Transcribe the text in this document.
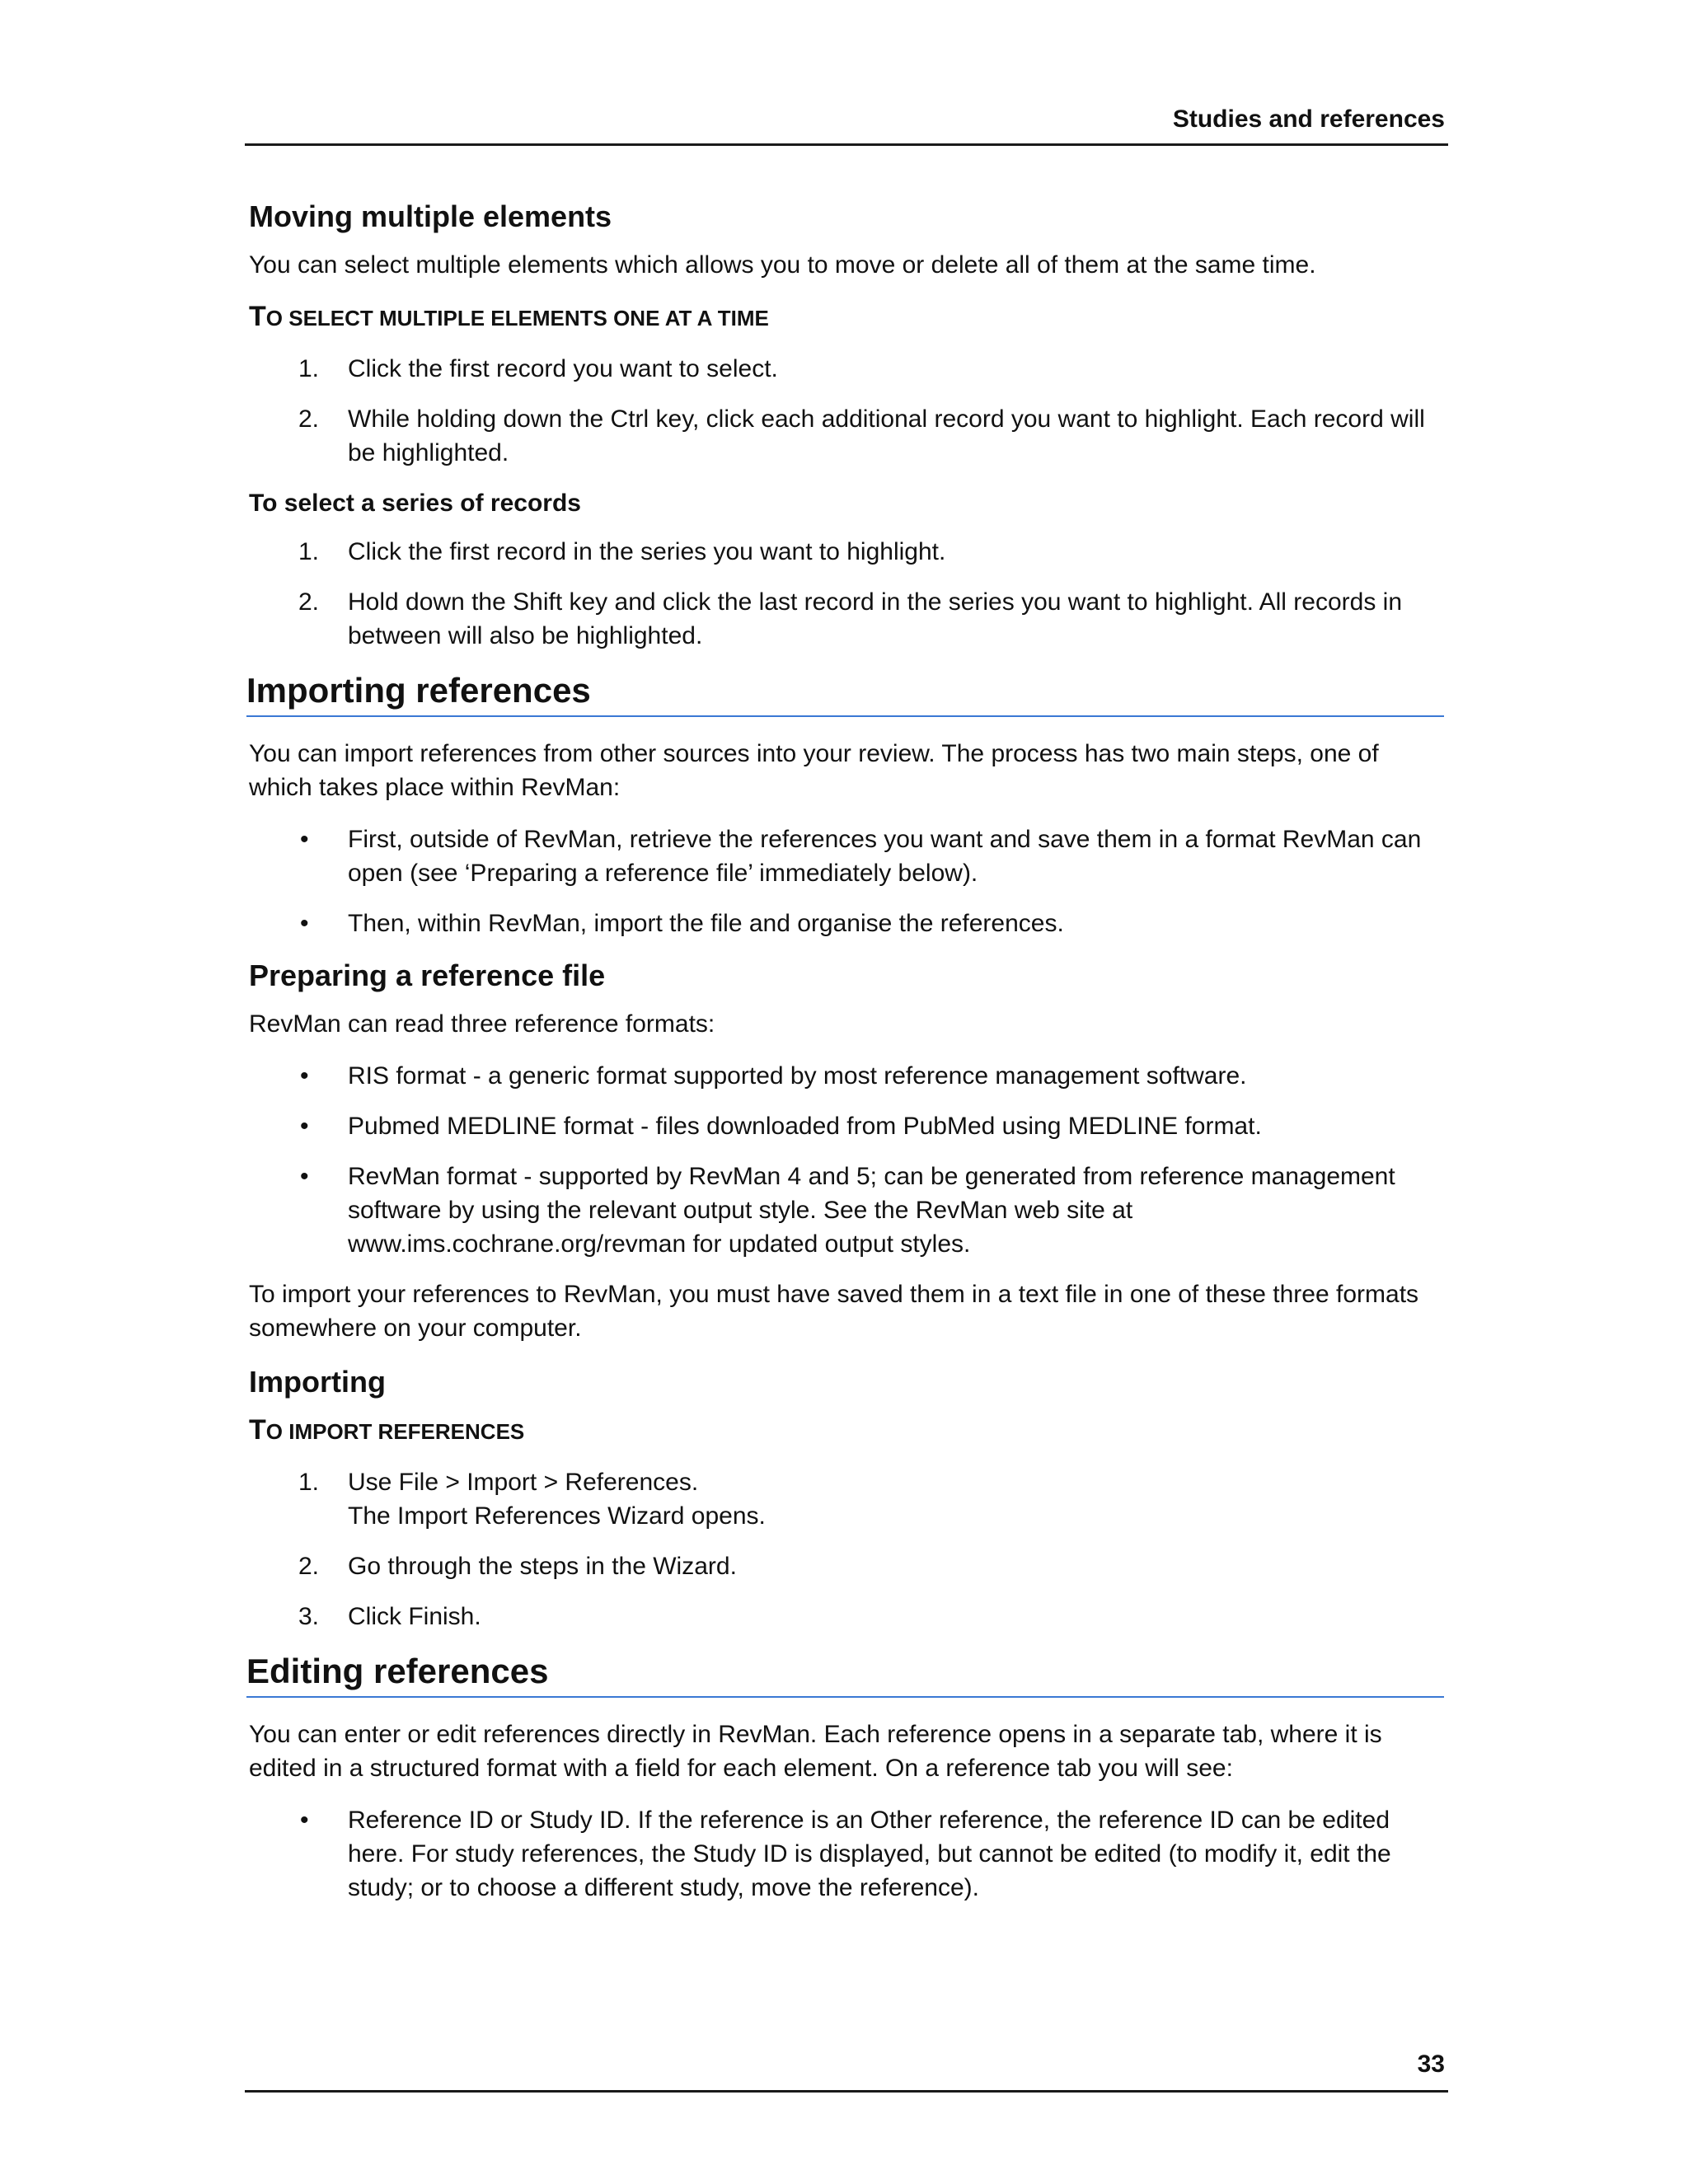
Studies and references
Moving multiple elements

You can select multiple elements which allows you to move or delete all of them at the same time.

TO SELECT MULTIPLE ELEMENTS ONE AT A TIME
1. Click the first record you want to select.
2. While holding down the Ctrl key, click each additional record you want to highlight. Each record will be highlighted.
To select a series of records
1. Click the first record in the series you want to highlight.
2. Hold down the Shift key and click the last record in the series you want to highlight. All records in between will also be highlighted.
Importing references

You can import references from other sources into your review. The process has two main steps, one of which takes place within RevMan:

• First, outside of RevMan, retrieve the references you want and save them in a format RevMan can open (see ‘Preparing a reference file’ immediately below).
• Then, within RevMan, import the file and organise the references.
Preparing a reference file

RevMan can read three reference formats:

• RIS format - a generic format supported by most reference management software.
• Pubmed MEDLINE format - files downloaded from PubMed using MEDLINE format.
• RevMan format - supported by RevMan 4 and 5; can be generated from reference management software by using the relevant output style. See the RevMan web site at www.ims.cochrane.org/revman for updated output styles.

To import your references to RevMan, you must have saved them in a text file in one of these three formats somewhere on your computer.

Importing
TO IMPORT REFERENCES
1. Use File > Import > References.
The Import References Wizard opens.
2. Go through the steps in the Wizard.
3. Click Finish.
Editing references

You can enter or edit references directly in RevMan. Each reference opens in a separate tab, where it is edited in a structured format with a field for each element. On a reference tab you will see:

• Reference ID or Study ID. If the reference is an Other reference, the reference ID can be edited here. For study references, the Study ID is displayed, but cannot be edited (to modify it, edit the study; or to choose a different study, move the reference).
33
